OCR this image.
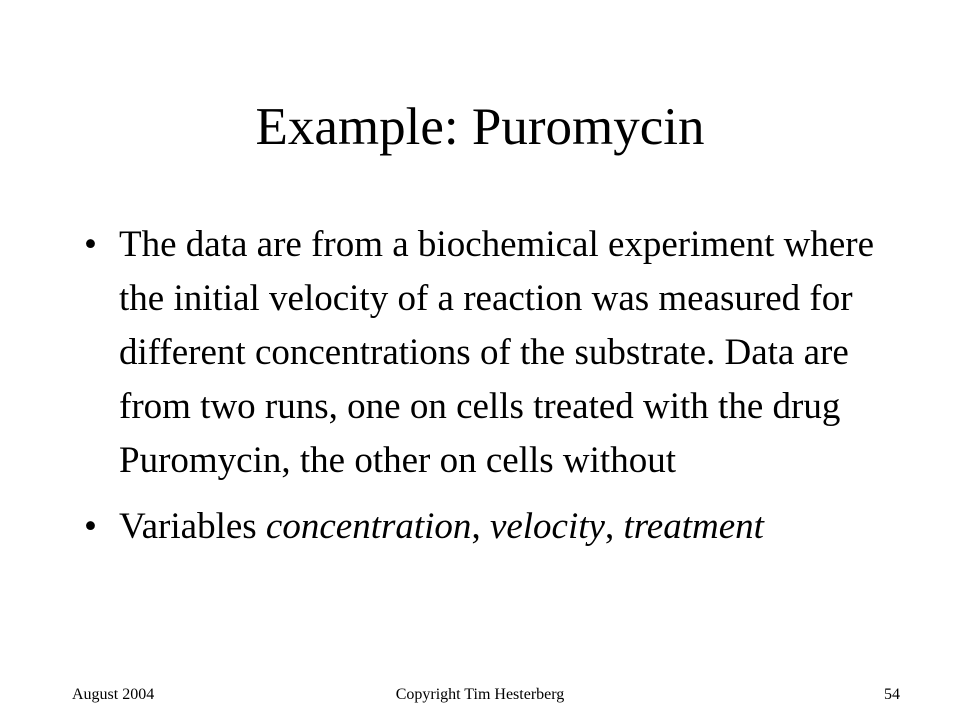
Example: Puromycin
• The data are from a biochemical experiment where the initial velocity of a reaction was measured for different concentrations of the substrate. Data are from two runs, one on cells treated with the drug Puromycin, the other on cells without
• Variables concentration, velocity, treatment
August 2004	Copyright Tim Hesterberg	54
